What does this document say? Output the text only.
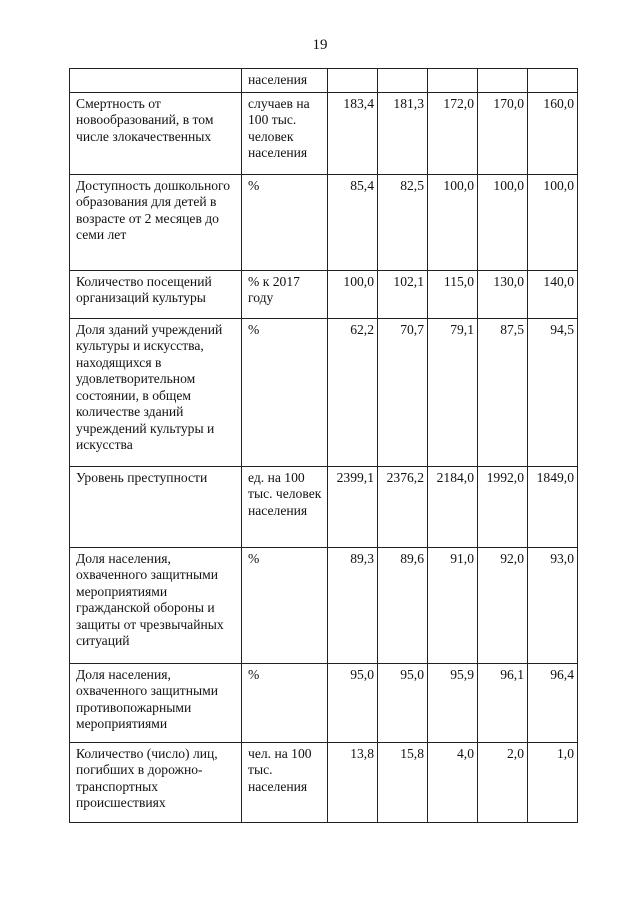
19
	населения					
Смертность от новообразований, в том числе злокачественных	случаев на 100 тыс. человек населения	183,4	181,3	172,0	170,0	160,0
Доступность дошкольного образования для детей в возрасте от 2 месяцев до семи лет	%	85,4	82,5	100,0	100,0	100,0
Количество посещений организаций культуры	% к 2017 году	100,0	102,1	115,0	130,0	140,0
Доля зданий учреждений культуры и искусства, находящихся в удовлетворительном состоянии, в общем количестве зданий учреждений культуры и искусства	%	62,2	70,7	79,1	87,5	94,5
Уровень преступности	ед. на 100 тыс. человек населения	2399,1	2376,2	2184,0	1992,0	1849,0
Доля населения, охваченного защитными мероприятиями гражданской обороны и защиты от чрезвычайных ситуаций	%	89,3	89,6	91,0	92,0	93,0
Доля населения, охваченного защитными противопожарными мероприятиями	%	95,0	95,0	95,9	96,1	96,4
Количество (число) лиц, погибших в дорожно-транспортных происшествиях	чел. на 100 тыс. населения	13,8	15,8	4,0	2,0	1,0
